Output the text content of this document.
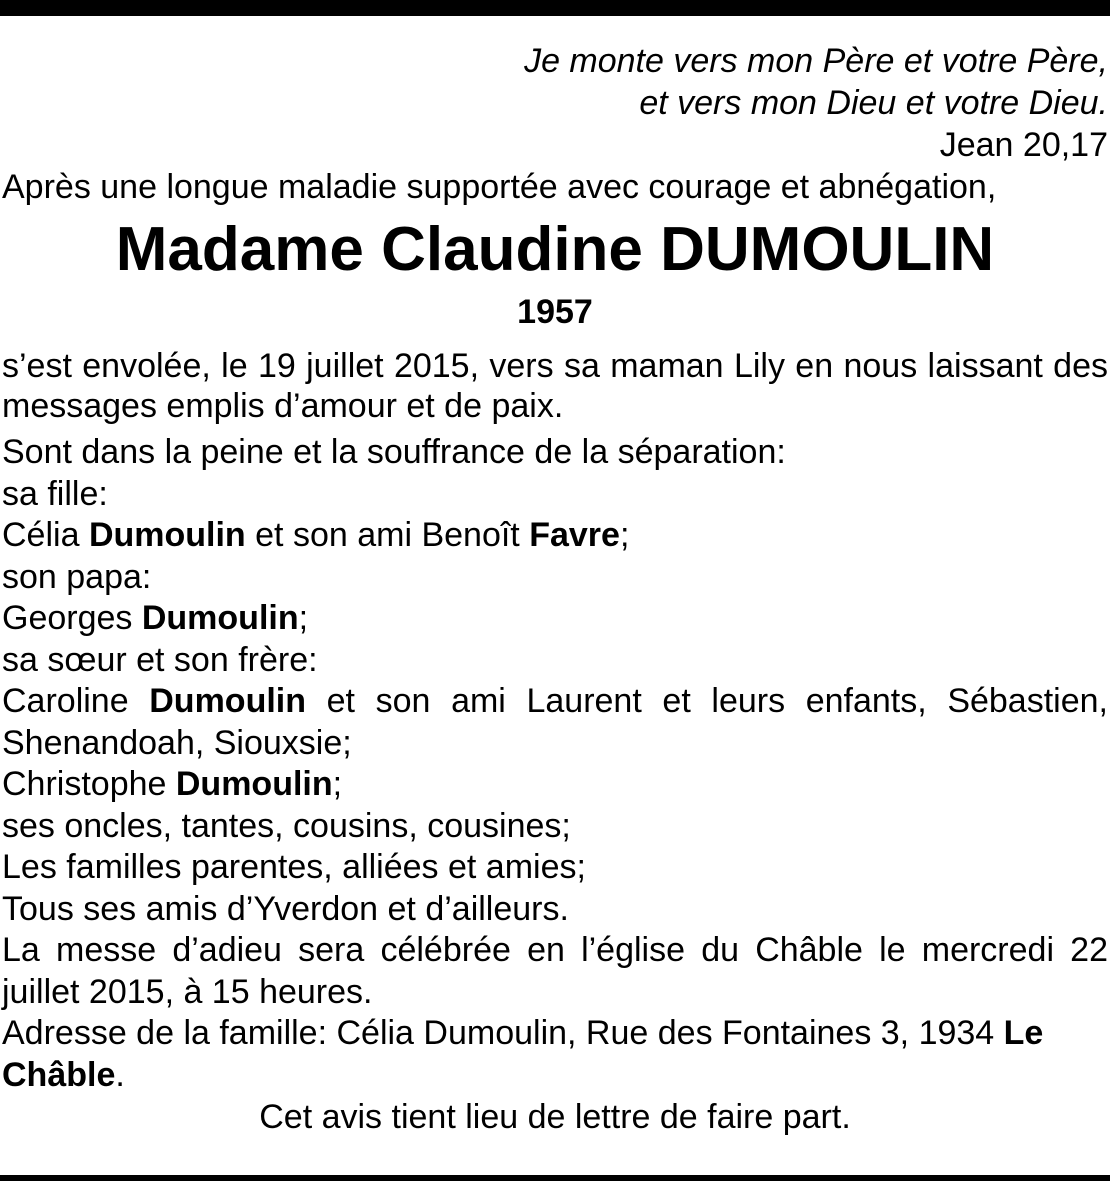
Je monte vers mon Père et votre Père,
et vers mon Dieu et votre Dieu.
Jean 20,17
Après une longue maladie supportée avec courage et abnégation,
Madame Claudine DUMOULIN
1957
s’est envolée, le 19 juillet 2015, vers sa maman Lily en nous laissant des messages emplis d’amour et de paix.
Sont dans la peine et la souffrance de la séparation:
sa fille:
Célia Dumoulin et son ami Benoît Favre;
son papa:
Georges Dumoulin;
sa sœur et son frère:
Caroline Dumoulin et son ami Laurent et leurs enfants, Sébastien, Shenandoah, Siouxsie;
Christophe Dumoulin;
ses oncles, tantes, cousins, cousines;
Les familles parentes, alliées et amies;
Tous ses amis d’Yverdon et d’ailleurs.
La messe d’adieu sera célébrée en l’église du Châble le mercredi 22 juillet 2015, à 15 heures.
Adresse de la famille: Célia Dumoulin, Rue des Fontaines 3, 1934 Le Châble.
Cet avis tient lieu de lettre de faire part.
